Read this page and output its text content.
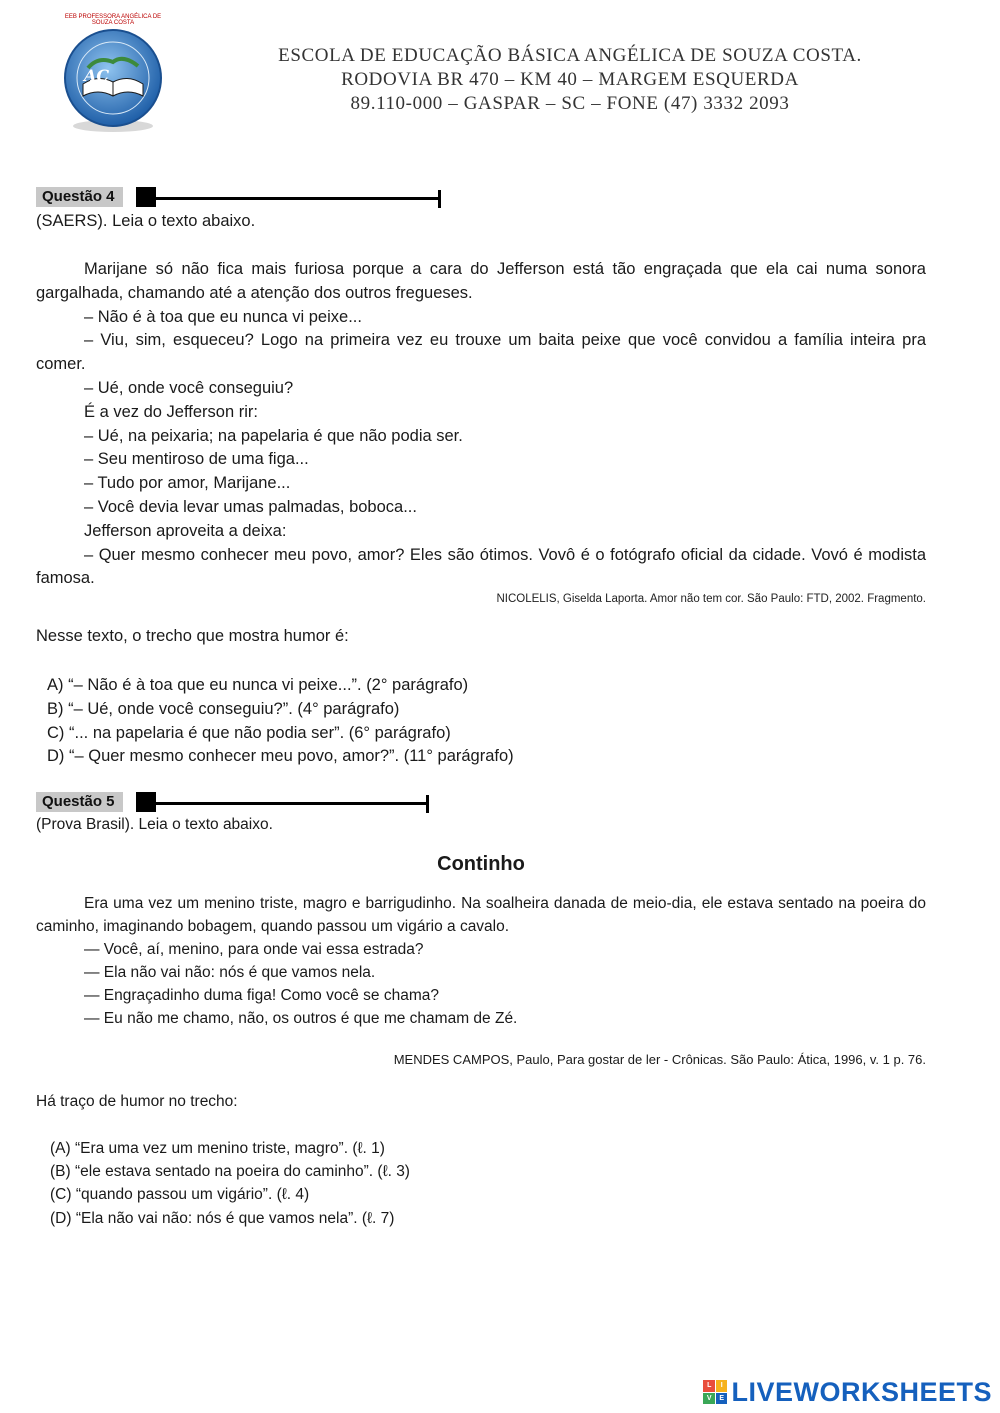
AC
EEB PROFESSORA ANGÉLICA DE SOUZA COSTA
ESCOLA DE EDUCAÇÃO BÁSICA ANGÉLICA DE SOUZA COSTA.
RODOVIA BR 470 – KM 40 – MARGEM ESQUERDA
89.110-000 – GASPAR – SC – FONE (47) 3332 2093
Questão 4
(SAERS). Leia o texto abaixo.

Marijane só não fica mais furiosa porque a cara do Jefferson está tão engraçada que ela cai numa sonora gargalhada, chamando até a atenção dos outros fregueses.

– Não é à toa que eu nunca vi peixe...

– Viu, sim, esqueceu? Logo na primeira vez eu trouxe um baita peixe que você convidou a família inteira pra comer.

– Ué, onde você conseguiu?

É a vez do Jefferson rir:

– Ué, na peixaria; na papelaria é que não podia ser.

– Seu mentiroso de uma figa...

– Tudo por amor, Marijane...

– Você devia levar umas palmadas, boboca...

Jefferson aproveita a deixa:

– Quer mesmo conhecer meu povo, amor? Eles são ótimos. Vovô é o fotógrafo oficial da cidade. Vovó é modista famosa.

NICOLELIS, Giselda Laporta. Amor não tem cor. São Paulo: FTD, 2002. Fragmento.
Nesse texto, o trecho que mostra humor é:
A) “– Não é à toa que eu nunca vi peixe...”. (2° parágrafo)
B) “– Ué, onde você conseguiu?”. (4° parágrafo)
C) “... na papelaria é que não podia ser”. (6° parágrafo)
D) “– Quer mesmo conhecer meu povo, amor?”. (11° parágrafo)
Questão 5
(Prova Brasil). Leia o texto abaixo.
Continho

Era uma vez um menino triste, magro e barrigudinho. Na soalheira danada de meio-dia, ele estava sentado na poeira do caminho, imaginando bobagem, quando passou um vigário a cavalo.

— Você, aí, menino, para onde vai essa estrada?

— Ela não vai não: nós é que vamos nela.

— Engraçadinho duma figa! Como você se chama?

— Eu não me chamo, não, os outros é que me chamam de Zé.

MENDES CAMPOS, Paulo, Para gostar de ler - Crônicas. São Paulo: Ática, 1996, v. 1 p. 76.
Há traço de humor no trecho:
(A) “Era uma vez um menino triste, magro”. (ℓ. 1)
(B) “ele estava sentado na poeira do caminho”. (ℓ. 3)
(C) “quando passou um vigário”. (ℓ. 4)
(D) “Ela não vai não: nós é que vamos nela”. (ℓ. 7)
L	I
V	E LIVEWORKSHEETS
